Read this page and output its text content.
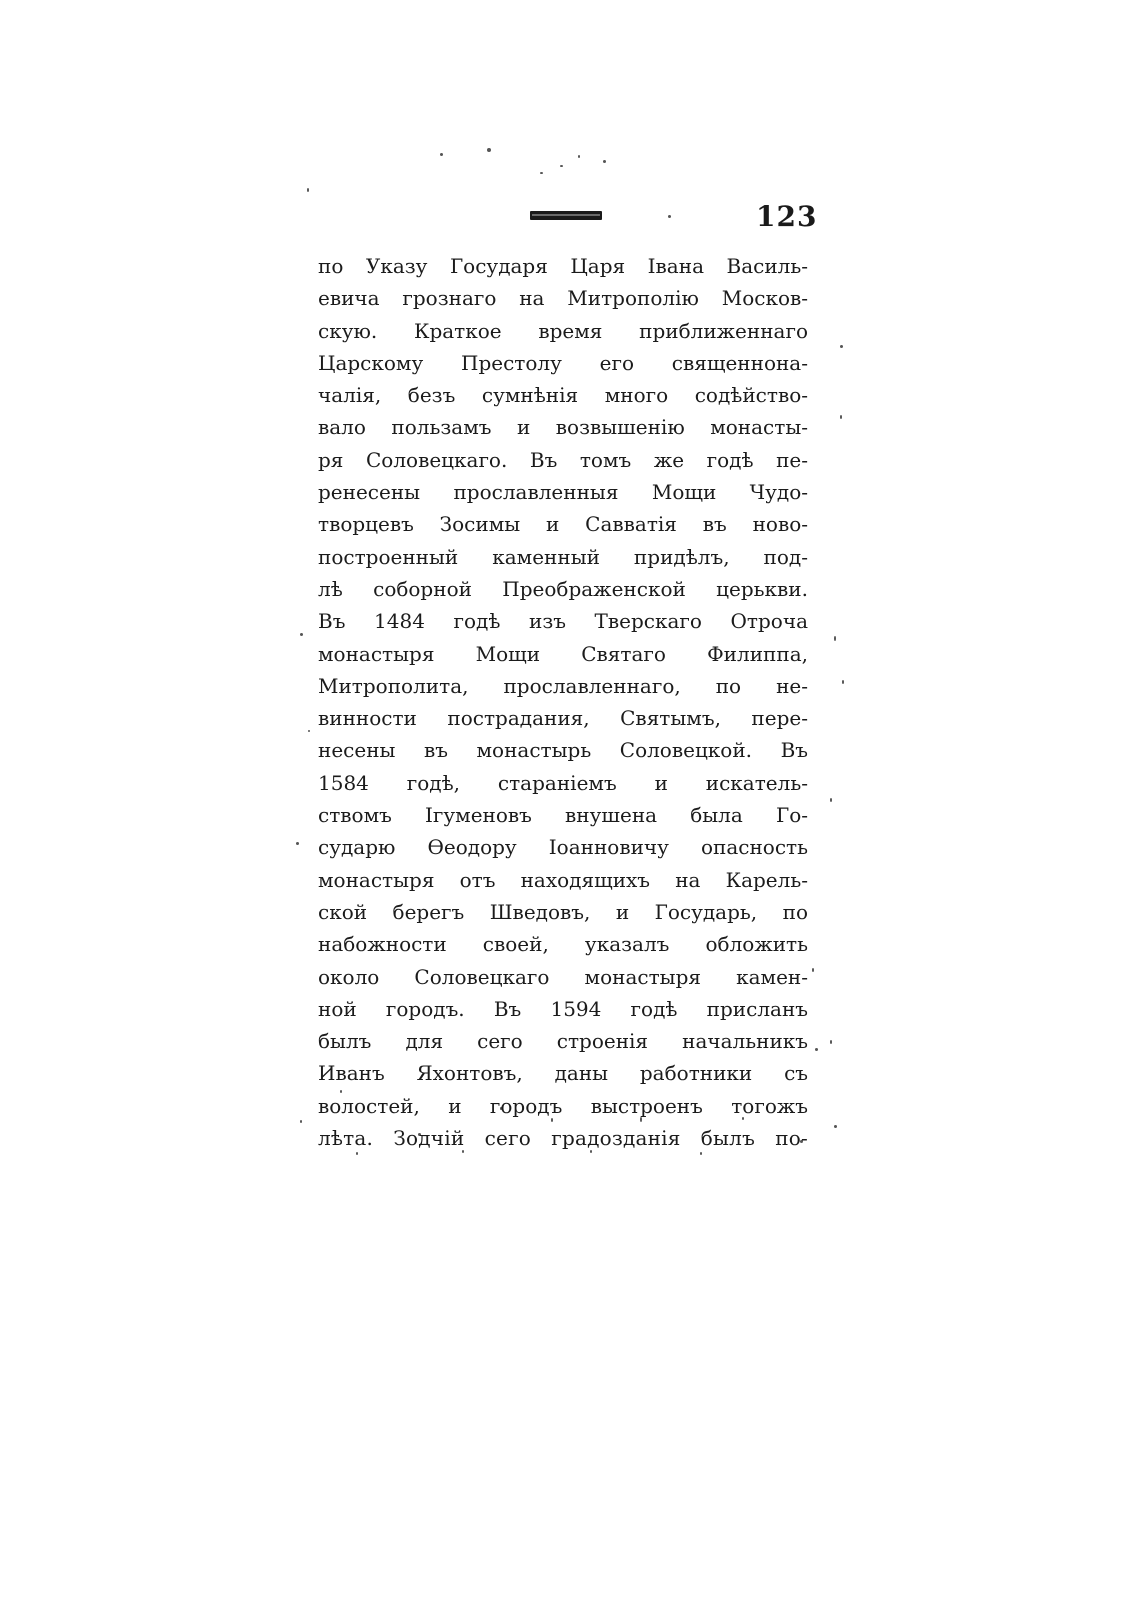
123
по Указу Государя Царя Івана Василь-
евича грознаго на Митрополію Москов-
скую. Краткое время приближеннаго
Царскому Престолу его священнона-
чалія, безъ сумнѣнія много содѣйство-
вало пользамъ и возвышенію монасты-
ря Соловецкаго. Въ томъ же годѣ пе-
ренесены прославленныя Мощи Чудо-
творцевъ Зосимы и Савватія въ ново-
построенный каменный придѣлъ, под-
лѣ соборной Преображенской церькви.
Въ 1484 годѣ изъ Тверскаго Отроча
монастыря Мощи Святаго Филиппа,
Митрополита, прославленнаго, по не-
винности пострадания, Святымъ, пере-
несены въ монастырь Соловецкой. Въ
1584 годѣ, стараніемъ и искатель-
ствомъ Ігуменовъ внушена была Го-
сударю Өеодору Іоанновичу опасность
монастыря отъ находящихъ на Карель-
ской берегъ Шведовъ, и Государь, по
набожности своей, указалъ обложить
около Соловецкаго монастыря камен-
ной городъ. Въ 1594 годѣ присланъ
былъ для сего строенія начальникъ
Иванъ Яхонтовъ, даны работники съ
волостей, и городъ выстроенъ тогожъ
лѣта. Зодчій сего градозданія былъ по-
